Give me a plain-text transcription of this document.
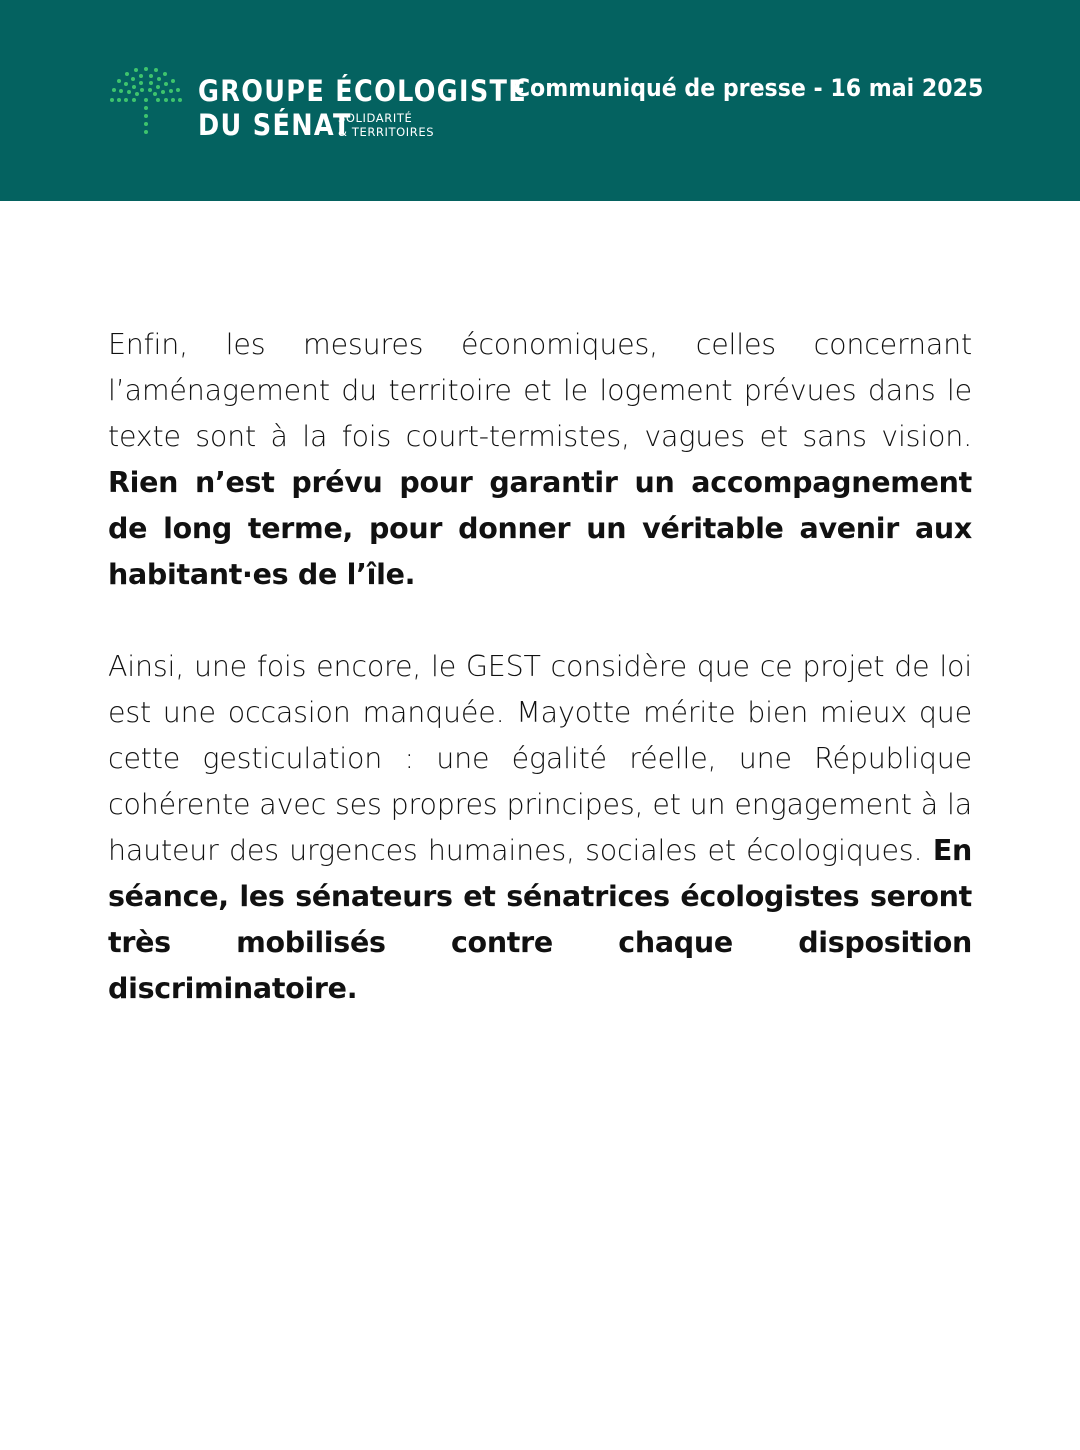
GROUPE ÉCOLOGISTE
DU SÉNAT
SOLIDARITÉ
& TERRITOIRES
Communiqué de presse - 16 mai 2025

Enfin, les mesures économiques, celles concernant l’aménagement du territoire et le logement prévues dans le texte sont à la fois court-termistes, vagues et sans vision. Rien n’est prévu pour garantir un accompagnement de long terme, pour donner un véritable avenir aux habitant·es de l’île.

Ainsi, une fois encore, le GEST considère que ce projet de loi est une occasion manquée. Mayotte mérite bien mieux que cette gesticulation : une égalité réelle, une République cohérente avec ses propres principes, et un engagement à la hauteur des urgences humaines, sociales et écologiques. En séance, les sénateurs et sénatrices écologistes seront très mobilisés contre chaque disposition discriminatoire.
